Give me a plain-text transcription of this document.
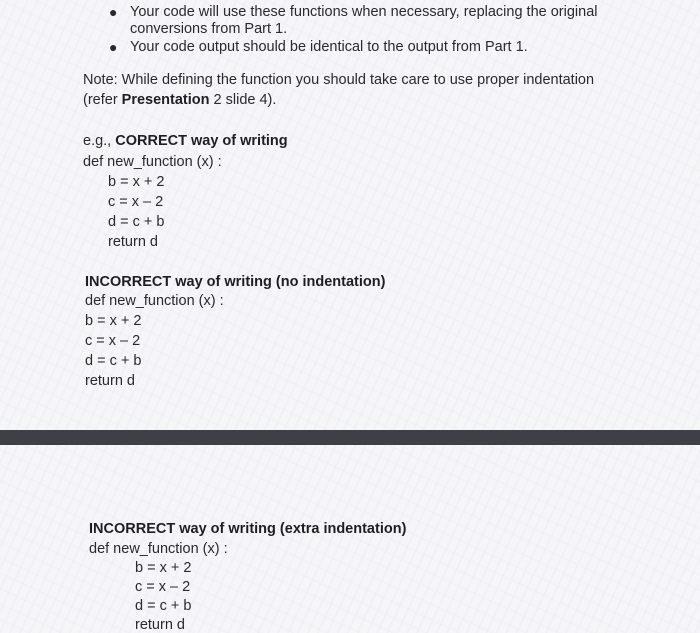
● Your code will use these functions when necessary, replacing the original
conversions from Part 1.
● Your code output should be identical to the output from Part 1.
Note: While defining the function you should take care to use proper indentation
(refer Presentation 2 slide 4).
e.g., CORRECT way of writing
def new_function (x) :
b = x + 2
c = x – 2
d = c + b
return d
INCORRECT way of writing (no indentation)
def new_function (x) :
b = x + 2
c = x – 2
d = c + b
return d
INCORRECT way of writing (extra indentation)
def new_function (x) :
b = x + 2
c = x – 2
d = c + b
return d
